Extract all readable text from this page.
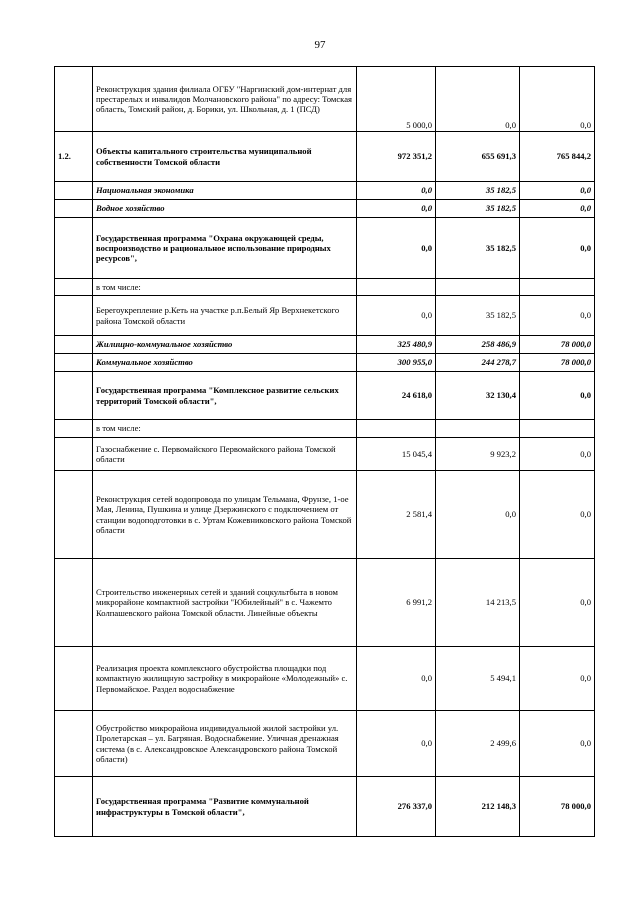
97
	Реконструкция здания филиала ОГБУ "Наргинский дом-интернат для престарелых и инвалидов Молчановского района" по адресу: Томская область, Томский район, д. Борики, ул. Школьная, д. 1 (ПСД)	5 000,0	0,0	0,0
1.2.	Объекты капитального строительства муниципальной собственности Томской области	972 351,2	655 691,3	765 844,2
	Национальная экономика	0,0	35 182,5	0,0
	Водное хозяйство	0,0	35 182,5	0,0
	Государственная программа "Охрана окружающей среды, воспроизводство и рациональное использование природных ресурсов",	0,0	35 182,5	0,0
	в том числе:			
	Берегоукрепление р.Кеть на участке р.п.Белый Яр Верхнекетского района Томской области	0,0	35 182,5	0,0
	Жилищно-коммунальное хозяйство	325 480,9	258 486,9	78 000,0
	Коммунальное хозяйство	300 955,0	244 278,7	78 000,0
	Государственная программа "Комплексное развитие сельских территорий Томской области",	24 618,0	32 130,4	0,0
	в том числе:			
	Газоснабжение с. Первомайского Первомайского района Томской области	15 045,4	9 923,2	0,0
	Реконструкция сетей водопровода по улицам Тельмана, Фрунзе, 1-ое Мая, Ленина, Пушкина и улице Дзержинского с подключением от станции водоподготовки в с. Уртам Кожевниковского района Томской области	2 581,4	0,0	0,0
	Строительство инженерных сетей и зданий соцкультбыта в новом микрорайоне компактной застройки "Юбилейный" в с. Чажемто Колпашевского района Томской области. Линейные объекты	6 991,2	14 213,5	0,0
	Реализация проекта комплексного обустройства площадки под компактную жилищную застройку в микрорайоне «Молодежный» с. Первомайское. Раздел водоснабжение	0,0	5 494,1	0,0
	Обустройство микрорайона индивидуальной жилой застройки ул. Пролетарская – ул. Багряная. Водоснабжение. Уличная дренажная система (в с. Александровское Александровского района Томской области)	0,0	2 499,6	0,0
	Государственная программа "Развитие коммунальной инфраструктуры в Томской области",	276 337,0	212 148,3	78 000,0
